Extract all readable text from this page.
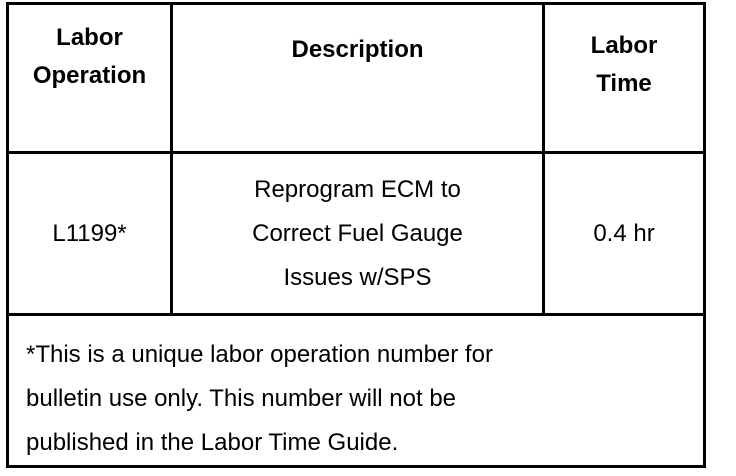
Labor
Operation
Description	Labor
Time
L1199*
Reprogram ECM to
Correct Fuel Gauge
Issues w/SPS
0.4 hr
*This is a unique labor operation number for
bulletin use only. This number will not be
published in the Labor Time Guide.
